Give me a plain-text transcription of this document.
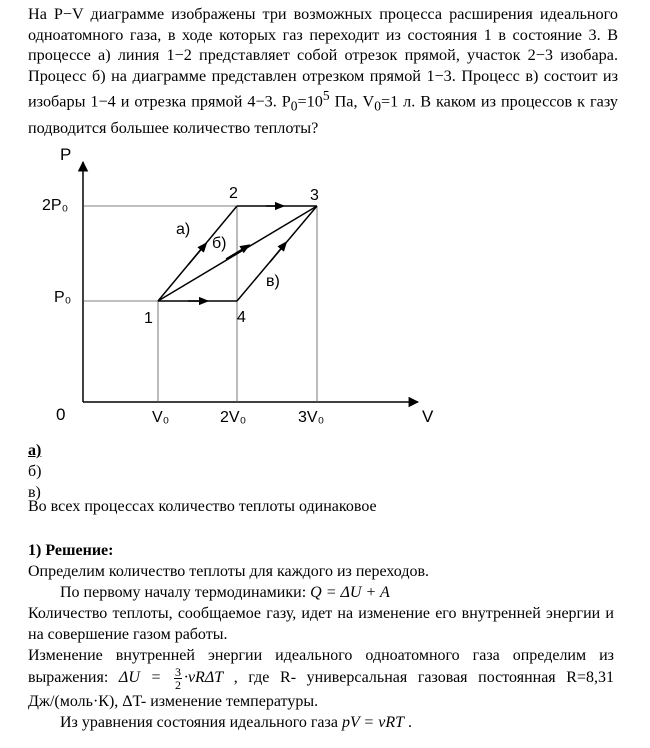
На P−V диаграмме изображены три возможных процесса расширения идеального одноатомного газа, в ходе которых газ переходит из состояния 1 в состояние 3. В процессе а) линия 1−2 представляет собой отрезок прямой, участок 2−3 изобара. Процесс б) на диаграмме представлен отрезком прямой 1−3. Процесс в) состоит из изобары 1−4 и отрезка прямой 4−3. $P_0=10^5$ Па, $V_0=1$ л. В каком из процессов к газу подводится большее количество теплоты?

P
V
0
2P₀
P₀
V₀	2V₀	3V₀
1
2	3
4
а)
б)
в)
а)
б)
в)
Во всех процессах количество теплоты одинаковое

1) Решение:

Определим количество теплоты для каждого из переходов.

По первому началу термодинамики: Q = ΔU + A

Количество теплоты, сообщаемое газу, идет на изменение его внутренней энергии и на совершение газом работы.

Изменение внутренней энергии идеального одноатомного газа определим из выражения: $\Delta U = \frac{3}{2} \cdot\nu R\Delta T$ , где R- универсальная газовая постоянная R=8,31 Дж/(моль·К), ΔT- изменение температуры.

Из уравнения состояния идеального газа pV = νRT .
